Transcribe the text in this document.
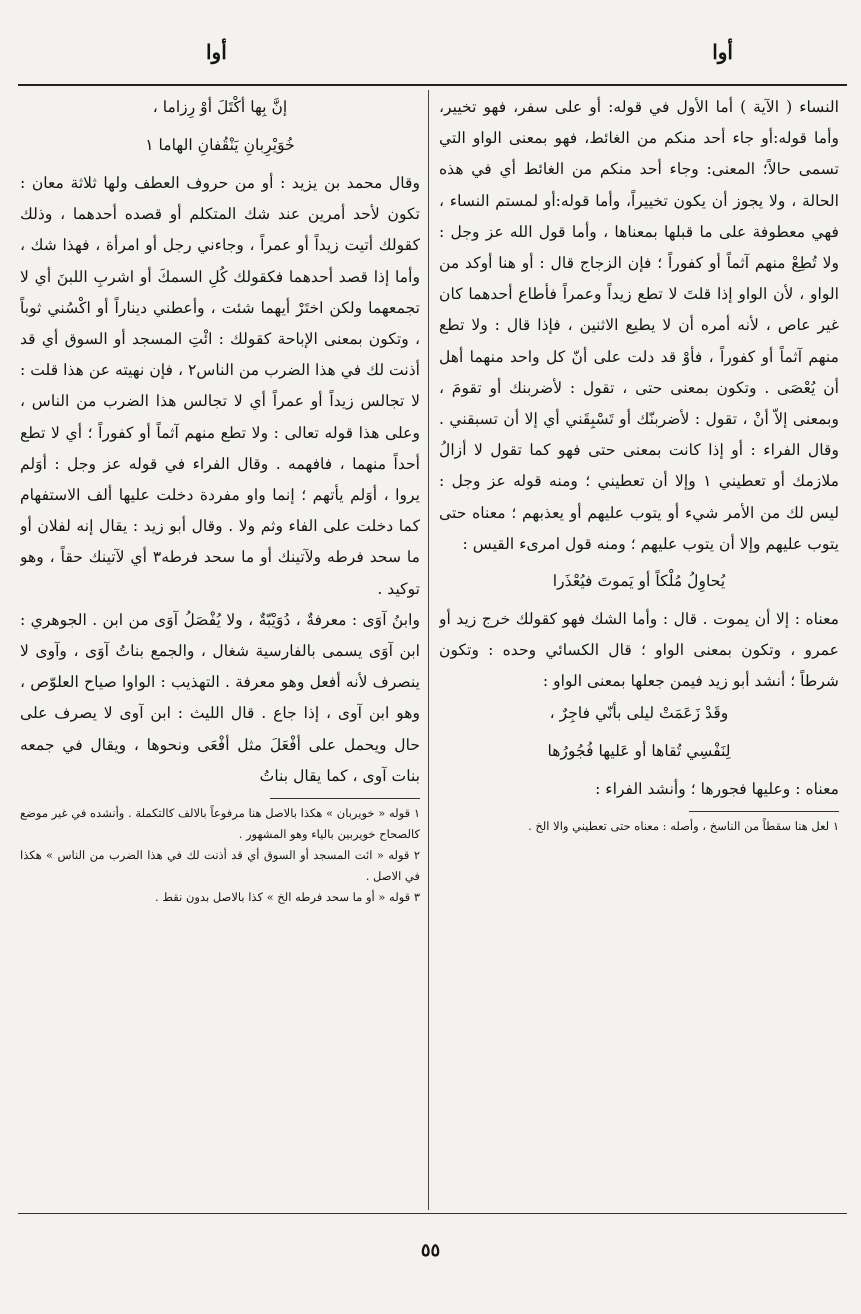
أوا
أوا

النساء ( الآية ) أما الأول في قوله: أو على سفر، فهو تخيير، وأما قوله:أو جاء أحد منكم من الغائط، فهو بمعنى الواو التي تسمى حالاً؛ المعنى: وجاء أحد منكم من الغائط أي في هذه الحالة ، ولا يجوز أن يكون تخييراً، وأما قوله:أو لمستم النساء ، فهي معطوفة على ما قبلها بمعناها ، وأما قول الله عز وجل : ولا تُطِعْ منهم آثماً أو كفوراً ؛ فإن الزجاج قال : أو هنا أوكد من الواو ، لأن الواو إذا قلتَ لا تطع زيداً وعمراً فأطاع أحدهما كان غير عاص ، لأنه أمره أن لا يطيع الاثنين ، فإذا قال : ولا تطع منهم آثماً أو كفوراً ، فأوْ قد دلت على أنّ كل واحد منهما أهل أن يُعْصَى . وتكون بمعنى حتى ، تقول : لأضربنك أو تقومَ ، وبمعنى إلاّ أنْ ، تقول : لأضربنّك أو تَسْبِقَني أي إلا أن تسبقني . وقال الفراء : أو إذا كانت بمعنى حتى فهو كما تقول لا أزالُ ملازمك أو تعطيني ١ وإلا أن تعطيني ؛ ومنه قوله عز وجل : ليس لك من الأمر شيء أو يتوب عليهم أو يعذبهم ؛ معناه حتى يتوب عليهم وإلا أن يتوب عليهم ؛ ومنه قول امرىء القيس :

يُحاوِلُ مُلْكاً أو يَموتَ فيُعْذَرا

معناه : إلا أن يموت . قال : وأما الشك فهو كقولك خرج زيد أو عمرو ، وتكون بمعنى الواو ؛ قال الكسائي وحده : وتكون شرطاً ؛ أنشد أبو زيد فيمن جعلها بمعنى الواو :

وقَدْ زَعَمَتْ ليلى بأنّي فاجِرٌ ،
لِنَفْسِي تُقاها أو عَليها فُجُورُها

معناه : وعليها فجورها ؛ وأنشد الفراء :

١ لعل هنا سقطاً من الناسخ ، وأصله : معناه حتى تعطيني والا الخ .

إنَّ بِها أكْتَلَ أوْ رِزاما ،
خُوَيْرِبانِ يَنْقُفانِ الهاما ١

وقال محمد بن يزيد : أو من حروف العطف ولها ثلاثة معان : تكون لأحد أمرين عند شك المتكلم أو قصده أحدهما ، وذلك كقولك أتيت زيداً أو عمراً ، وجاءني رجل أو امرأة ، فهذا شك ، وأما إذا قصد أحدهما فكقولك كُلِ السمكَ أو اشربِ اللبنَ أي لا تجمعهما ولكن اختَرْ أيهما شئت ، وأعطني ديناراً أو اكْسُني ثوباً ، وتكون بمعنى الإباحة كقولك : ائْتِ المسجد أو السوق أي قد أذنت لك في هذا الضرب من الناس٢ ، فإن نهيته عن هذا قلت : لا تجالس زيداً أو عمراً أي لا تجالس هذا الضرب من الناس ، وعلى هذا قوله تعالى : ولا تطع منهم آثماً أو كفوراً ؛ أي لا تطع أحداً منهما ، فافهمه . وقال الفراء في قوله عز وجل : أوَلم يروا ، أوَلم يأتهم ؛ إنما واو مفردة دخلت عليها ألف الاستفهام كما دخلت على الفاء وثم ولا . وقال أبو زيد : يقال إنه لفلان أو ما سحد فرطه ولآتينك أو ما سحد فرطه٣ أي لآتينك حقاً ، وهو توكيد .

وابنُ آوَى : معرفةٌ ، دُوَيْبّةٌ ، ولا يُفْصَلُ آوَى من ابن . الجوهري : ابن آوَى يسمى بالفارسية شغال ، والجمع بناتُ آوَى ، وآوى لا ينصرف لأنه أفعل وهو معرفة . التهذيب : الواوا صياح العلوّص ، وهو ابن آوى ، إذا جاع . قال الليث : ابن آوى لا يصرف على حال ويحمل على أفْعَلَ مثل أفْعَى ونحوها ، ويقال في جمعه بنات آوى ، كما يقال بناتُ

١ قوله « خويربان » هكذا بالاصل هنا مرفوعاً بالالف كالتكملة . وأنشده في غير موضع كالصحاح خويربين بالياء وهو المشهور .

٢ قوله « ائت المسجد أو السوق أي قد أذنت لك في هذا الضرب من الناس » هكذا في الاصل .

٣ قوله « أو ما سحد فرطه الخ » كذا بالاصل بدون نقط .

٥٥
